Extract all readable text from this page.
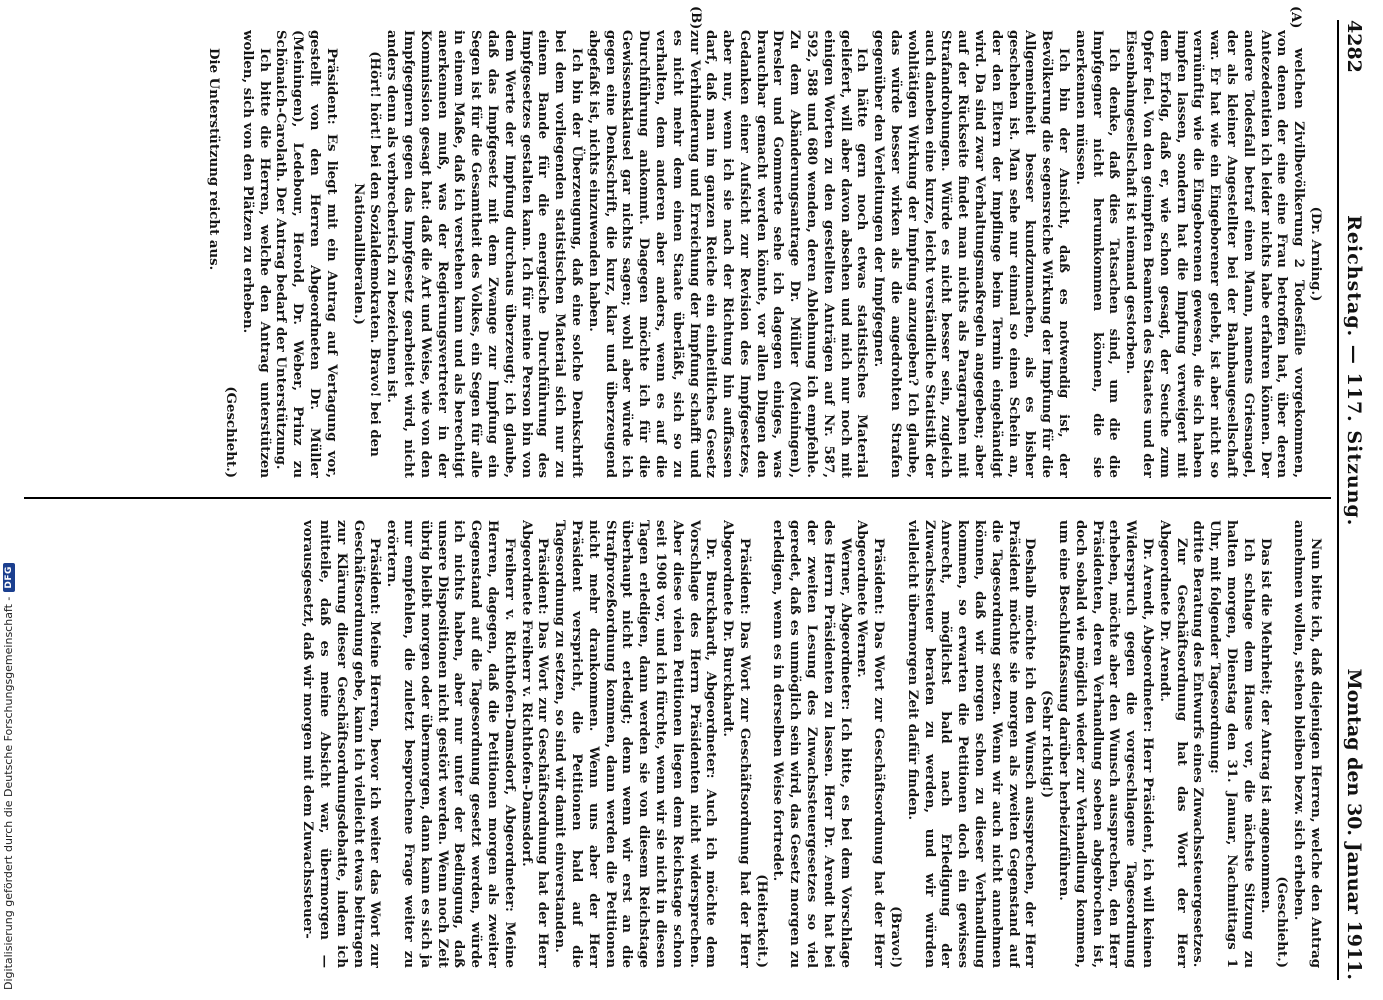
4282
Reichstag. — 117. Sitzung.
Montag den 30. Januar 1911.
(A)
(B)

(Dr. Arning.)

welchen Zivilbevölkerung 2 Todesfälle vorgekommen, von denen der eine eine Frau betroffen hat, über deren Antezedentien ich leider nichts habe erfahren können. Der andere Todesfall betraf einen Mann, namens Griesnagel, der als kleiner Angestellter bei der Bahnbaugesellschaft war. Er hat wie ein Eingeborener gelebt, ist aber nicht so vernünftig wie die Eingeborenen gewesen, die sich haben impfen lassen, sondern hat die Impfung verweigert mit dem Erfolg, daß er, wie schon gesagt, der Seuche zum Opfer fiel. Von den geimpften Beamten des Staates und der Eisenbahngesellschaft ist niemand gestorben.

Ich denke, daß dies Tatsachen sind, um die die Impfgegner nicht herumkommen können, die sie anerkennen müssen.

Ich bin der Ansicht, daß es notwendig ist, der Bevölkerung die segensreiche Wirkung der Impfung für die Allgemeinheit besser kundzumachen, als es bisher geschehen ist. Man sehe nur einmal so einen Schein an, der den Eltern der Impflinge beim Termin eingehändigt wird. Da sind zwar Verhaltungsmaßregeln angegeben; aber auf der Rückseite findet man nichts als Paragraphen mit Strafandrohungen. Würde es nicht besser sein, zugleich auch daneben eine kurze, leicht verständliche Statistik der wohltätigen Wirkung der Impfung anzugeben? Ich glaube, das würde besser wirken als die angedrohten Strafen gegenüber den Verleitungen der Impfgegner.

Ich hätte gern noch etwas statistisches Material geliefert, will aber davon absehen und mich nur noch mit einigen Worten zu den gestellten Anträgen auf Nr. 587, 592, 588 und 680 wenden, deren Ablehnung ich empfehle. Zu dem Abänderungsantrage Dr. Müller (Meiningen), Dresler und Gommerte sehe ich dagegen einiges, was brauchbar gemacht werden könnte, vor allen Dingen den Gedanken einer Aufsicht zur Revision des Impfgesetzes, aber nur, wenn ich sie nach der Richtung hin auffassen darf, daß man im ganzen Reiche ein einheitliches Gesetz zur Verhinderung und Erreichung der Impfung schafft und es nicht mehr dem einen Staate überläßt, sich so zu verhalten, dem anderen aber anders, wenn es auf die Durchführung ankommt. Dagegen möchte ich für die Gewissensklausel gar nichts sagen; wohl aber würde ich gegen eine Denkschrift, die kurz, klar und überzeugend abgefaßt ist, nichts einzuwenden haben.

Ich bin der Überzeugung, daß eine solche Denkschrift bei dem vorliegenden statistischen Material sich nur zu einem Bande für die energische Durchführung des Impfgesetzes gestalten kann. Ich für meine Person bin von dem Werte der Impfung durchaus überzeugt; ich glaube, daß das Impfgesetz mit dem Zwange zur Impfung ein Segen ist für die Gesamtheit des Volkes, ein Segen für alle in einem Maße, daß ich verstehen kann und als berechtigt anerkennen muß, was der Regierungsvertreter in der Kommission gesagt hat: daß die Art und Weise, wie von den Impfgegnern gegen das Impfgesetz gearbeitet wird, nicht anders denn als verbrecherisch zu bezeichnen ist.

(Hört! hört! bei den Sozialdemokraten. Bravo! bei den Nationalliberalen.)

Präsident: Es liegt mit ein Antrag auf Vertagung vor, gestellt von den Herren Abgeordneten Dr. Müller (Meiningen), Ledebour, Herold, Dr. Weber, Prinz zu Schönaich-Carolath. Der Antrag bedarf der Unterstützung.

Ich bitte die Herren, welche den Antrag unterstützen wollen, sich von den Plätzen zu erheben.

(Geschieht.)

Die Unterstützung reicht aus.

Nun bitte ich, daß diejenigen Herren, welche den Antrag annehmen wollen, stehen bleiben bezw. sich erheben.

(Geschieht.)

Das ist die Mehrheit; der Antrag ist angenommen.

Ich schlage dem Hause vor, die nächste Sitzung zu halten morgen, Dienstag den 31. Januar, Nachmittags 1 Uhr, mit folgender Tagesordnung:

dritte Beratung des Entwurfs eines Zuwachssteuergesetzes.

Zur Geschäftsordnung hat das Wort der Herr Abgeordnete Dr. Arendt.

Dr. Arendt, Abgeordneter: Herr Präsident, ich will keinen Widerspruch gegen die vorgeschlagene Tagesordnung erheben, möchte aber den Wunsch aussprechen, den Herr Präsidenten, deren Verhandlung soeben abgebrochen ist, doch sobald wie möglich wieder zur Verhandlung kommen, um eine Beschlußfassung darüber herbeizuführen.

(Sehr richtig!)

Deshalb möchte ich den Wunsch aussprechen, der Herr Präsident möchte sie morgen als zweiten Gegenstand auf die Tagesordnung setzen. Wenn wir auch nicht annehmen können, daß wir morgen schon zu dieser Verhandlung kommen, so erwarten die Petitionen doch ein gewisses Anrecht, möglichst bald nach Erledigung der Zuwachssteuer beraten zu werden, und wir würden vielleicht übermorgen Zeit dafür finden.

(Bravo!)

Präsident: Das Wort zur Geschäftsordnung hat der Herr Abgeordnete Werner.

Werner, Abgeordneter: Ich bitte, es bei dem Vorschlage des Herrn Präsidenten zu lassen. Herr Dr. Arendt hat bei der zweiten Lesung des Zuwachssteuergesetzes so viel geredet, daß es unmöglich sein wird, das Gesetz morgen zu erledigen, wenn es in derselben Weise fortredet.

(Heiterkeit.)

Präsident: Das Wort zur Geschäftsordnung hat der Herr Abgeordnete Dr. Burckhardt.

Dr. Burckhardt, Abgeordneter: Auch ich möchte dem Vorschlage des Herrn Präsidenten nicht widersprechen. Aber diese vielen Petitionen liegen dem Reichstage schon seit 1908 vor, und ich fürchte, wenn wir sie nicht in diesen Tagen erledigen, dann werden sie von diesem Reichstage überhaupt nicht erledigt; denn wenn wir erst an die Strafprozeßordnung kommen, dann werden die Petitionen nicht mehr drankommen. Wenn uns aber der Herr Präsident verspricht, die Petitionen bald auf die Tagesordnung zu setzen, so sind wir damit einverstanden.

Präsident: Das Wort zur Geschäftsordnung hat der Herr Abgeordnete Freiherr v. Richthofen-Damsdorf.

Freiherr v. Richthofen-Damsdorf, Abgeordneter: Meine Herren, dagegen, daß die Petitionen morgen als zweiter Gegenstand auf die Tagesordnung gesetzt werden, würde ich nichts haben, aber nur unter der Bedingung, daß unsere Dispositionen nicht gestört werden. Wenn noch Zeit übrig bleibt morgen oder übermorgen, dann kann es sich ja nur empfehlen, die zuletzt besprochene Frage weiter zu erörtern.

Präsident: Meine Herren, bevor ich weiter das Wort zur Geschäftsordnung gebe, kann ich vielleicht etwas beitragen zur Klärung dieser Geschäftsordnungsdebatte, indem ich mitteile, daß es meine Absicht war, übermorgen — vorausgesetzt, daß wir morgen mit dem Zuwachssteuer-

Digitalisierung gefördert durch die Deutsche Forschungsgemeinschaft -
DFG
